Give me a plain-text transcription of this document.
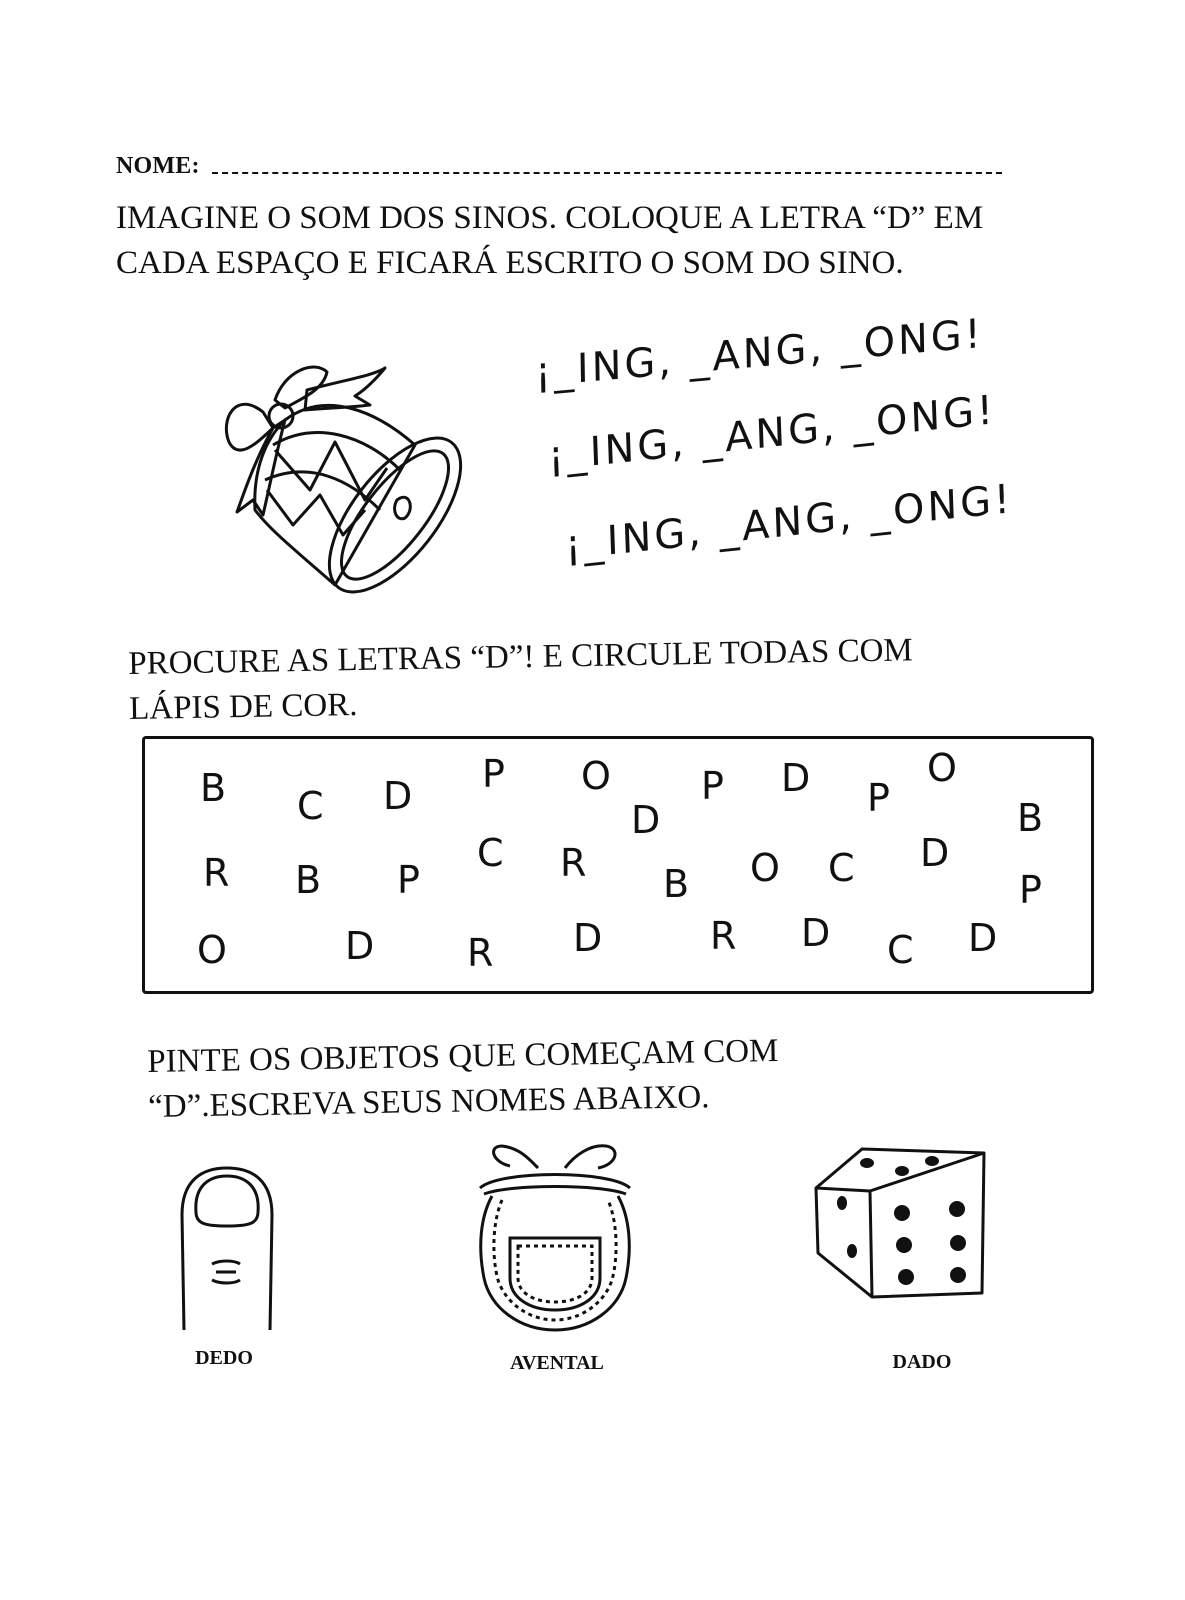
NOME:

IMAGINE O SOM DOS SINOS. COLOQUE A LETRA “D” EM CADA ESPAÇO E FICARÁ ESCRITO O SOM DO SINO.

¡_ING, _ANG, _ONG!
¡_ING, _ANG, _ONG!
¡_ING, _ANG, _ONG!

PROCURE AS LETRAS “D”! E CIRCULE TODAS COM LÁPIS DE COR.

B C D P O
D
P D P
O
B
R B P
C R B O C D
P
O	D R D	R D C D

PINTE OS OBJETOS QUE COMEÇAM COM “D”.ESCREVA SEUS NOMES ABAIXO.

DEDO	AVENTAL	DADO
